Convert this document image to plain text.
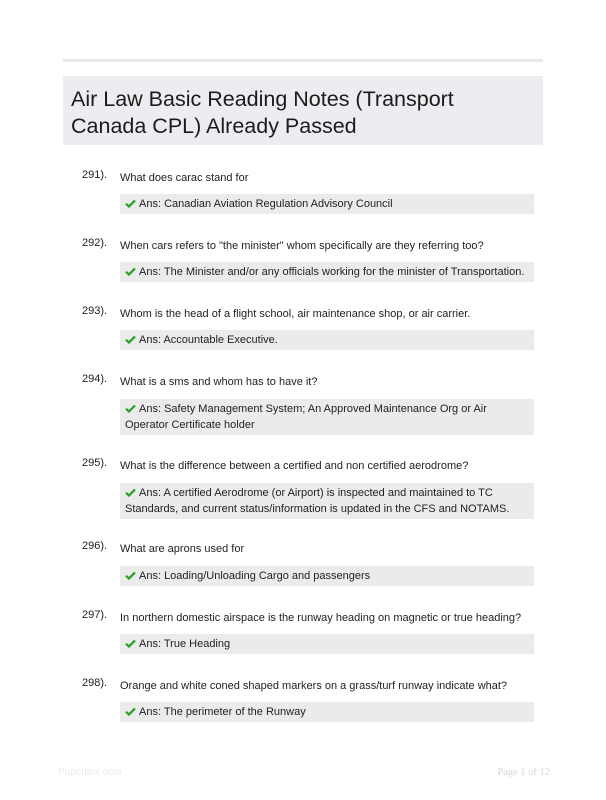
Air Law Basic Reading Notes (Transport Canada CPL) Already Passed
291). What does carac stand for
Ans: Canadian Aviation Regulation Advisory Council
292). When cars refers to "the minister" whom specifically are they referring too?
Ans: The Minister and/or any officials working for the minister of Transportation.
293). Whom is the head of a flight school, air maintenance shop, or air carrier.
Ans: Accountable Executive.
294). What is a sms and whom has to have it?
Ans: Safety Management System; An Approved Maintenance Org or Air Operator Certificate holder
295). What is the difference between a certified and non certified aerodrome?
Ans: A certified Aerodrome (or Airport) is inspected and maintained to TC Standards, and current status/information is updated in the CFS and NOTAMS.
296). What are aprons used for
Ans: Loading/Unloading Cargo and passengers
297). In northern domestic airspace is the runway heading on magnetic or true heading?
Ans: True Heading
298). Orange and white coned shaped markers on a grass/turf runway indicate what?
Ans: The perimeter of the Runway
Paperlibx.com	Page 1 of 12
